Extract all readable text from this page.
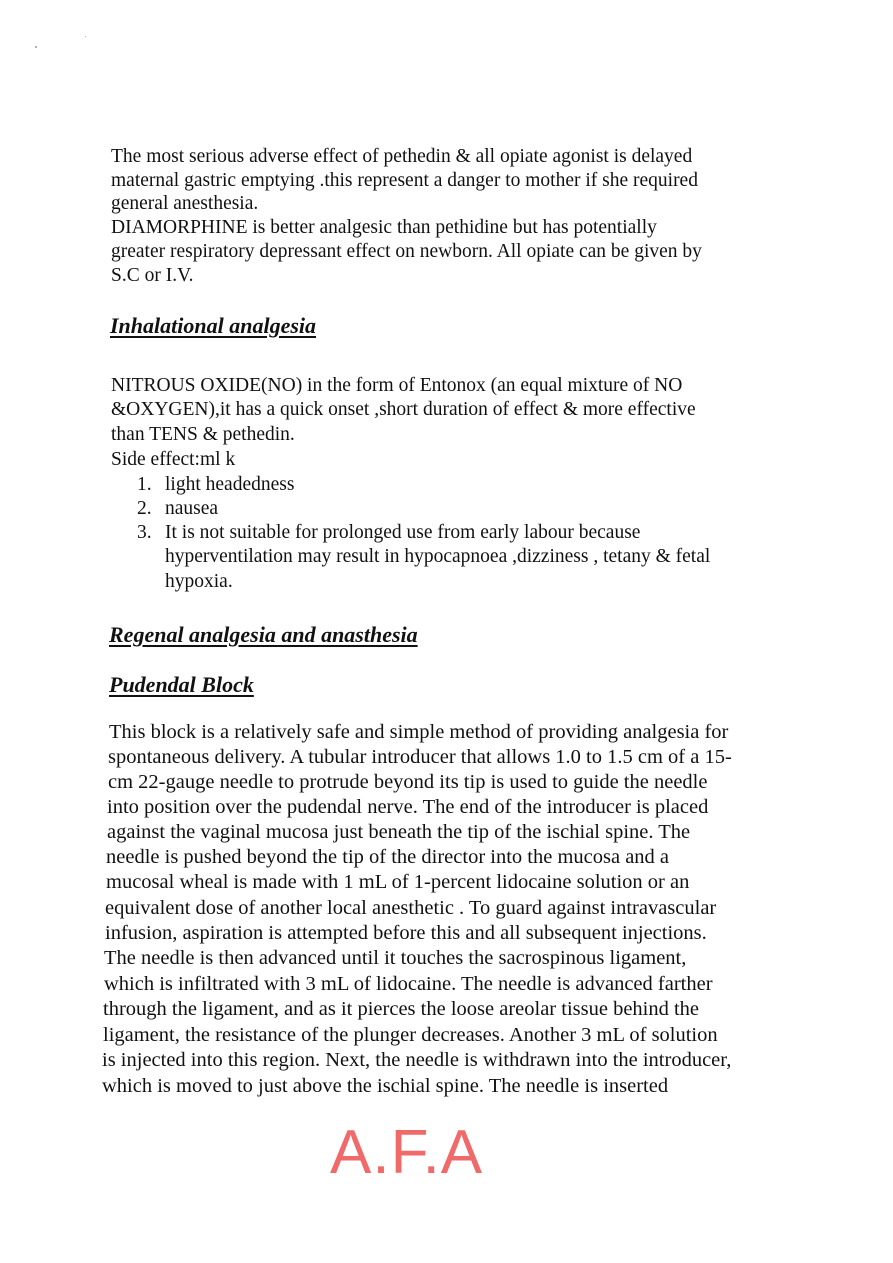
The most serious adverse effect of pethedin & all opiate agonist is delayed

maternal gastric emptying .this represent a danger to mother if she required

general anesthesia.

DIAMORPHINE is better analgesic than pethidine but has potentially

greater respiratory depressant effect on newborn. All opiate can be given by

S.C or I.V.

Inhalational analgesia

NITROUS OXIDE(NO) in the form of Entonox (an equal mixture of NO

&OXYGEN),it has a quick onset ,short duration of effect & more effective

than TENS & pethedin.

Side effect:ml k

1. light headedness

2. nausea

3. It is not suitable for prolonged use from early labour because

hyperventilation may result in hypocapnoea ,dizziness , tetany & fetal

hypoxia.

Regenal analgesia and anasthesia
Pudendal Block

This block is a relatively safe and simple method of providing analgesia for

spontaneous delivery. A tubular introducer that allows 1.0 to 1.5 cm of a 15-

cm 22-gauge needle to protrude beyond its tip is used to guide the needle

into position over the pudendal nerve. The end of the introducer is placed

against the vaginal mucosa just beneath the tip of the ischial spine. The

needle is pushed beyond the tip of the director into the mucosa and a

mucosal wheal is made with 1 mL of 1-percent lidocaine solution or an

equivalent dose of another local anesthetic . To guard against intravascular

infusion, aspiration is attempted before this and all subsequent injections.

The needle is then advanced until it touches the sacrospinous ligament,

which is infiltrated with 3 mL of lidocaine. The needle is advanced farther

through the ligament, and as it pierces the loose areolar tissue behind the

ligament, the resistance of the plunger decreases. Another 3 mL of solution

is injected into this region. Next, the needle is withdrawn into the introducer,

which is moved to just above the ischial spine. The needle is inserted

A.F.A
